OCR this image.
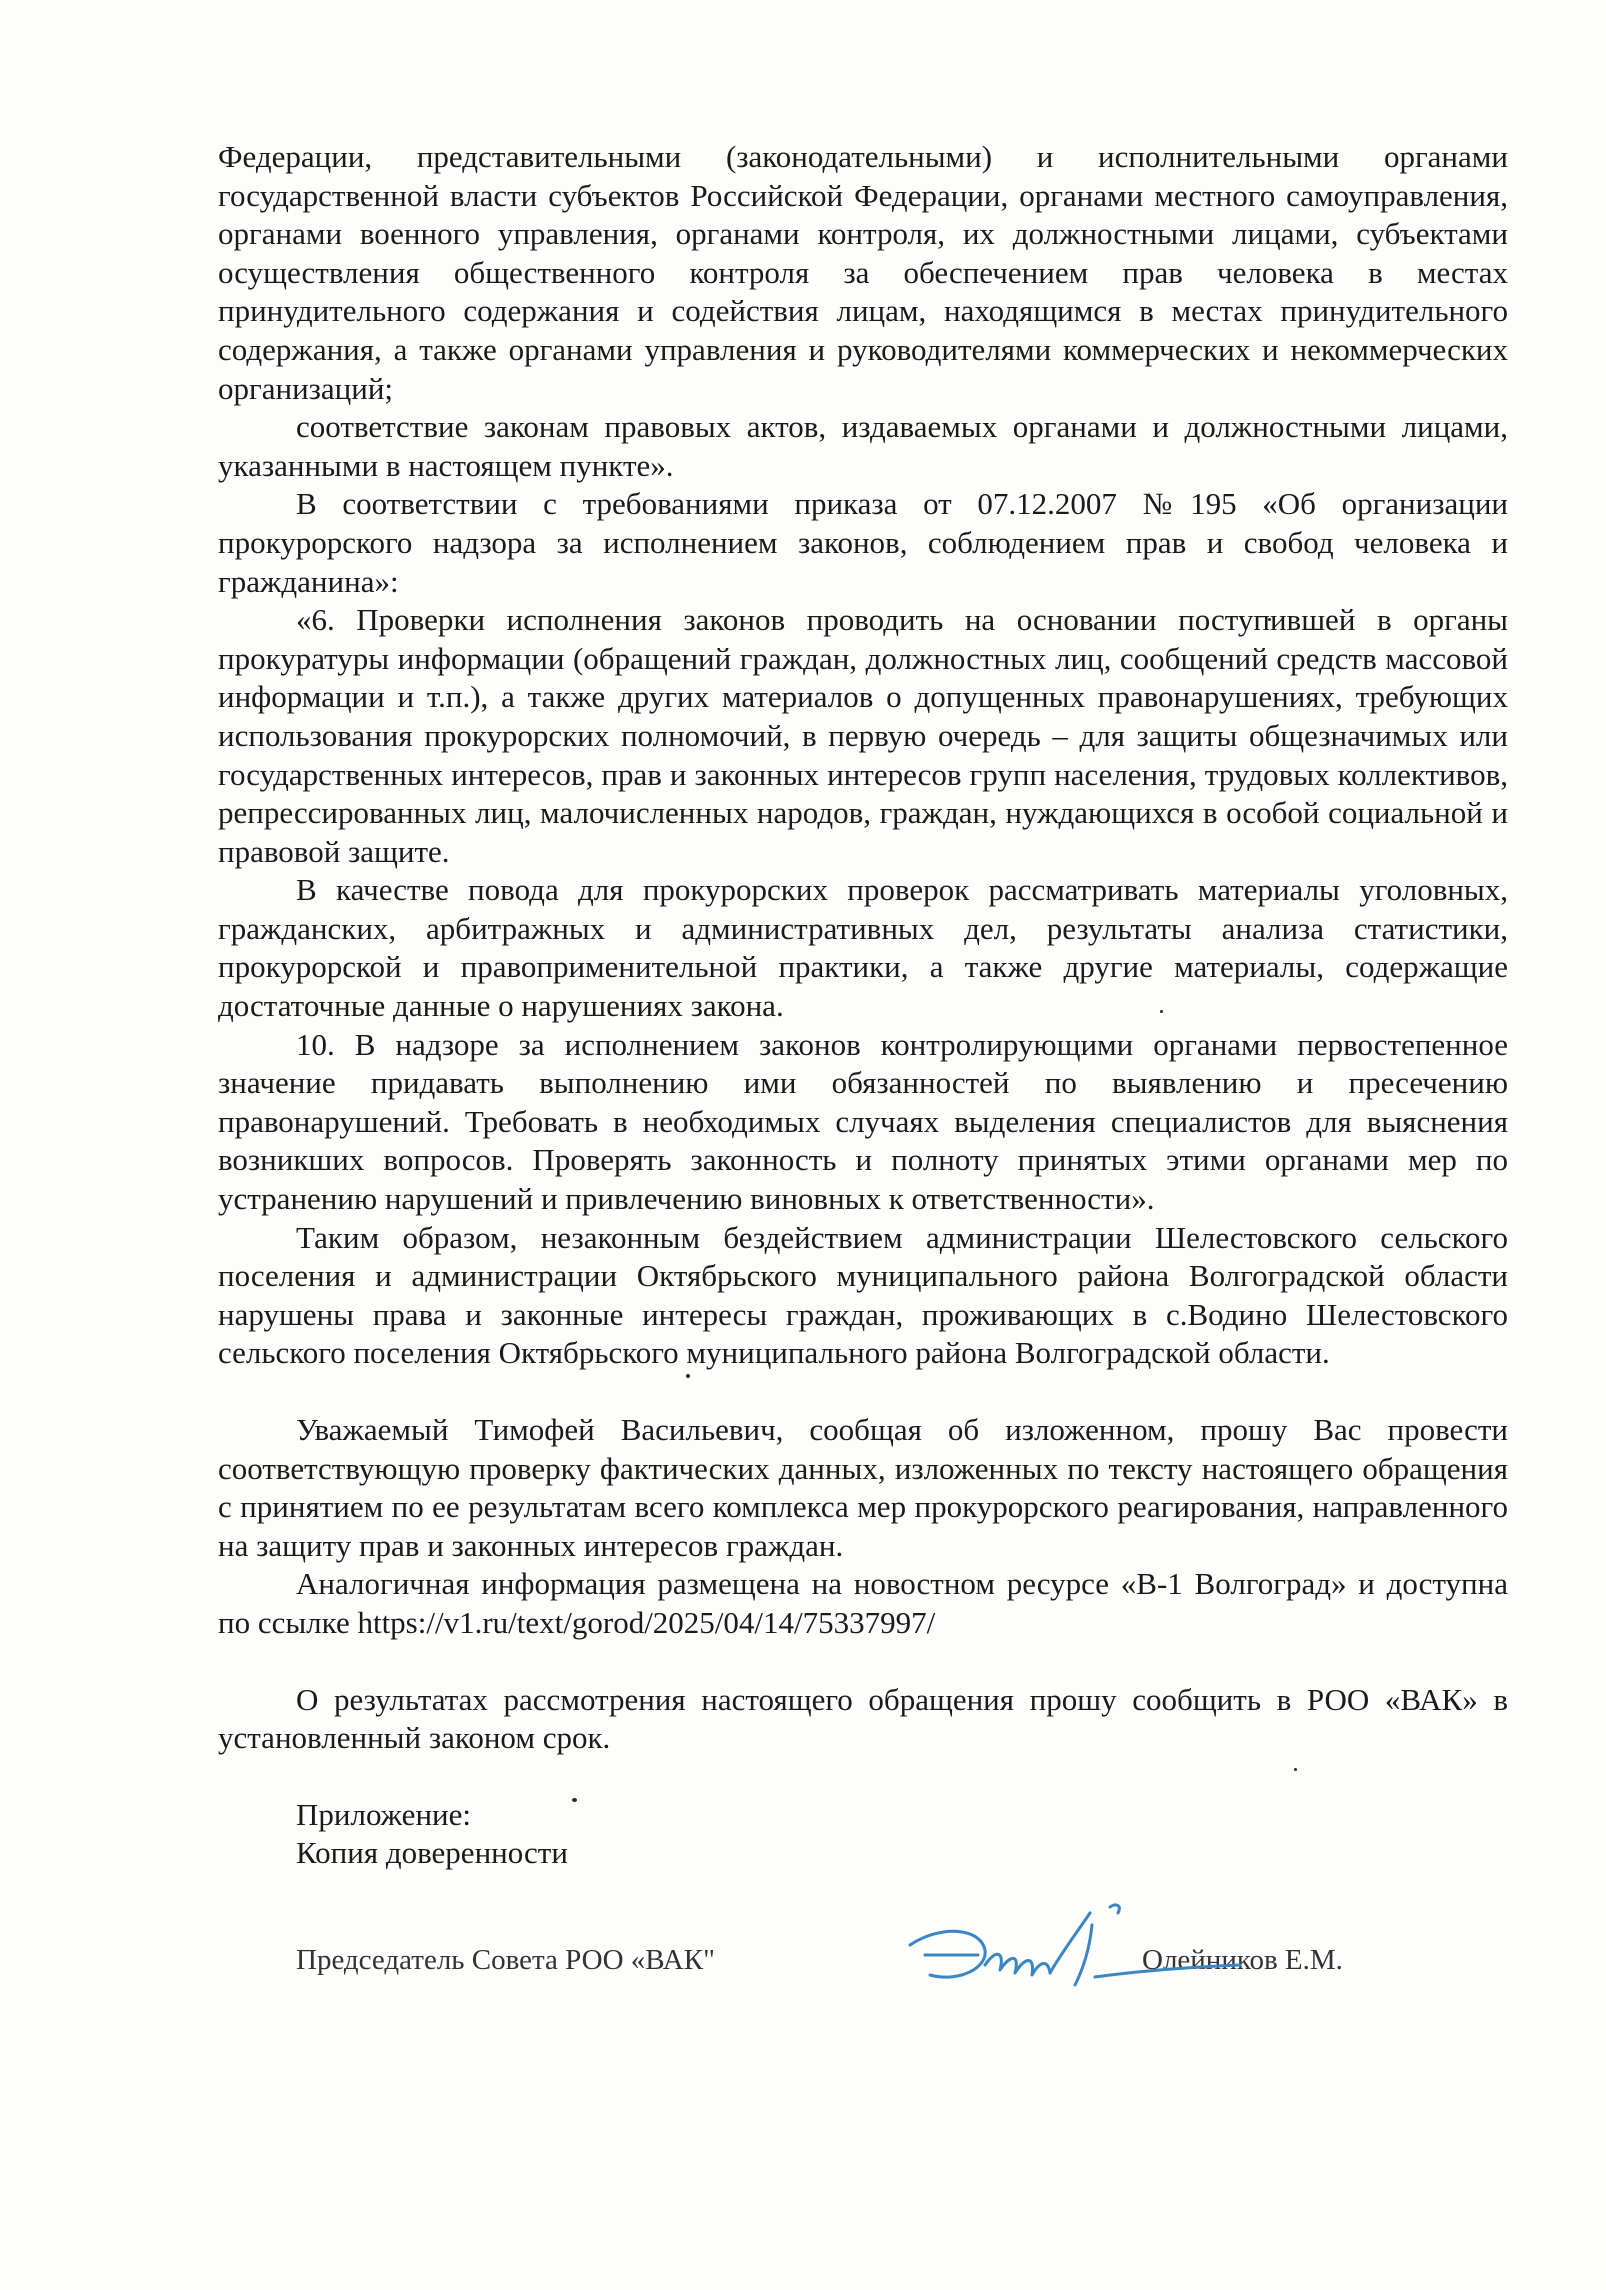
Федерации, представительными (законодательными) и исполнительными органами государственной власти субъектов Российской Федерации, органами местного самоуправления, органами военного управления, органами контроля, их должностными лицами, субъектами осуществления общественного контроля за обеспечением прав человека в местах принудительного содержания и содействия лицам, находящимся в местах принудительного содержания, а также органами управления и руководителями коммерческих и некоммерческих организаций;

соответствие законам правовых актов, издаваемых органами и должностными лицами, указанными в настоящем пункте».

В соответствии с требованиями приказа от 07.12.2007 №195 «Об организации прокурорского надзора за исполнением законов, соблюдением прав и свобод человека и гражданина»:

«6. Проверки исполнения законов проводить на основании поступившей в органы прокуратуры информации (обращений граждан, должностных лиц, сообщений средств массовой информации и т.п.), а также других материалов о допущенных правонарушениях, требующих использования прокурорских полномочий, в первую очередь – для защиты общезначимых или государственных интересов, прав и законных интересов групп населения, трудовых коллективов, репрессированных лиц, малочисленных народов, граждан, нуждающихся в особой социальной и правовой защите.

В качестве повода для прокурорских проверок рассматривать материалы уголовных, гражданских, арбитражных и административных дел, результаты анализа статистики, прокурорской и правоприменительной практики, а также другие материалы, содержащие достаточные данные о нарушениях закона.

10. В надзоре за исполнением законов контролирующими органами первостепенное значение придавать выполнению ими обязанностей по выявлению и пресечению правонарушений. Требовать в необходимых случаях выделения специалистов для выяснения возникших вопросов. Проверять законность и полноту принятых этими органами мер по устранению нарушений и привлечению виновных к ответственности».

Таким образом, незаконным бездействием администрации Шелестовского сельского поселения и администрации Октябрьского муниципального района Волгоградской области нарушены права и законные интересы граждан, проживающих в с.Водино Шелестовского сельского поселения Октябрьского муниципального района Волгоградской области.

Уважаемый Тимофей Васильевич, сообщая об изложенном, прошу Вас провести соответствующую проверку фактических данных, изложенных по тексту настоящего обращения с принятием по ее результатам всего комплекса мер прокурорского реагирования, направленного на защиту прав и законных интересов граждан.

Аналогичная информация размещена на новостном ресурсе «В-1 Волгоград» и доступна по ссылке https://v1.ru/text/gorod/2025/04/14/75337997/

О результатах рассмотрения настоящего обращения прошу сообщить в РОО «ВАК» в установленный законом срок.

Приложение:
Копия доверенности
Председатель Совета РОО «ВАК"	Олейников Е.М.
